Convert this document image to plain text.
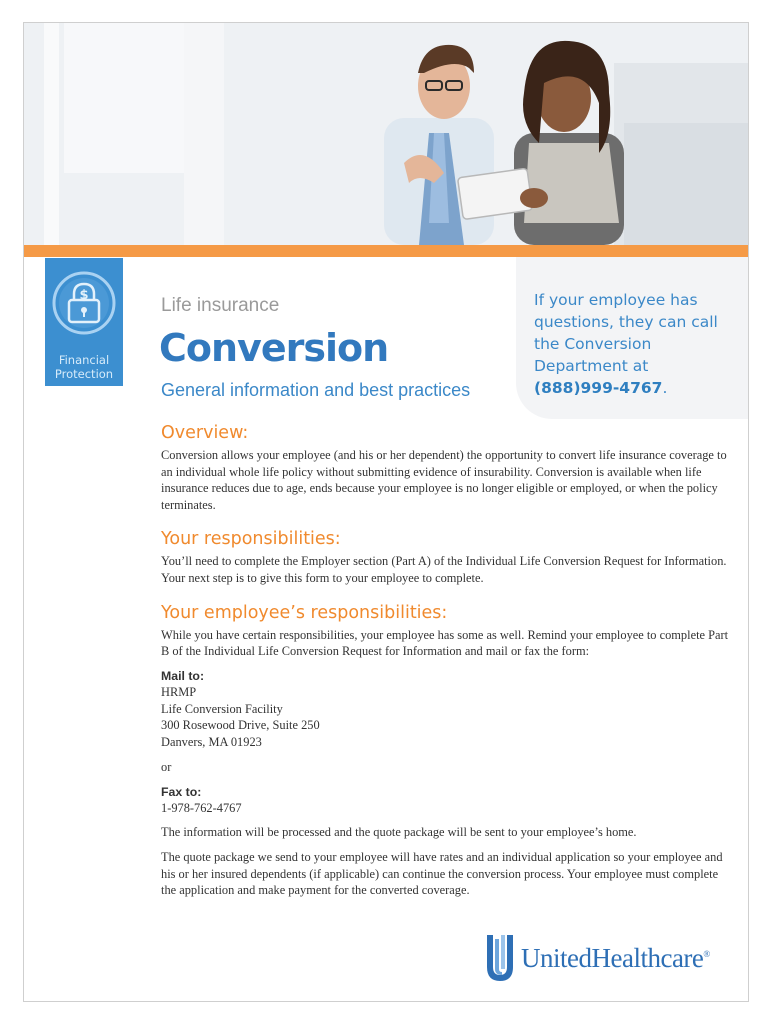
$
Financial
Protection
If your employee has questions, they can call the Conversion Department at (888)999-4767.
Life insurance
Conversion
General information and best practices
Overview:

Conversion allows your employee (and his or her dependent) the opportunity to convert life insurance coverage to an individual whole life policy without submitting evidence of insurability. Conversion is available when life insurance reduces due to age, ends because your employee is no longer eligible or employed, or when the policy terminates.

Your responsibilities:

You’ll need to complete the Employer section (Part A) of the Individual Life Conversion Request for Information. Your next step is to give this form to your employee to complete.

Your employee’s responsibilities:

While you have certain responsibilities, your employee has some as well. Remind your employee to complete Part B of the Individual Life Conversion Request for Information and mail or fax the form:

Mail to:

HRMP

Life Conversion Facility

300 Rosewood Drive, Suite 250

Danvers, MA 01923

or

Fax to:

1-978-762-4767

The information will be processed and the quote package will be sent to your employee’s home.

The quote package we send to your employee will have rates and an individual application so your employee and his or her insured dependents (if applicable) can continue the conversion process. Your employee must complete the application and make payment for the converted coverage.

UnitedHealthcare®
